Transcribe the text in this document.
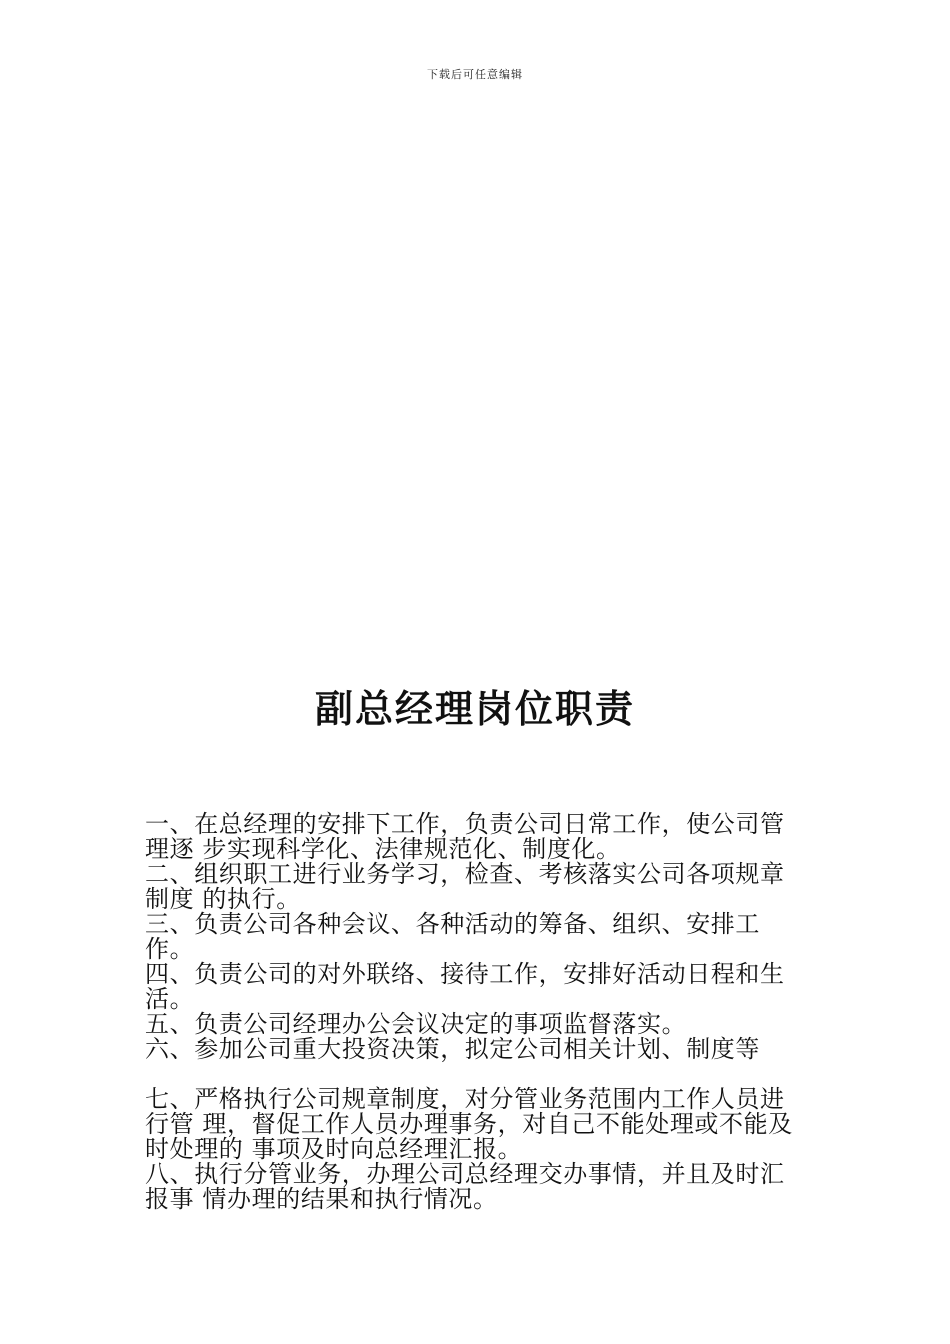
下载后可任意编辑
副总经理岗位职责
一、在总经理的安排下工作，负责公司日常工作，使公司管理逐 步实现科学化、法律规范化、制度化。
二、组织职工进行业务学习，检查、考核落实公司各项规章制度 的执行。
三、负责公司各种会议、各种活动的筹备、组织、安排工作。
四、负责公司的对外联络、接待工作，安排好活动日程和生活。
五、负责公司经理办公会议决定的事项监督落实。
六、参加公司重大投资决策，拟定公司相关计划、制度等
七、严格执行公司规章制度，对分管业务范围内工作人员进行管 理，督促工作人员办理事务，对自己不能处理或不能及时处理的 事项及时向总经理汇报。
八、执行分管业务，办理公司总经理交办事情，并且及时汇报事 情办理的结果和执行情况。
